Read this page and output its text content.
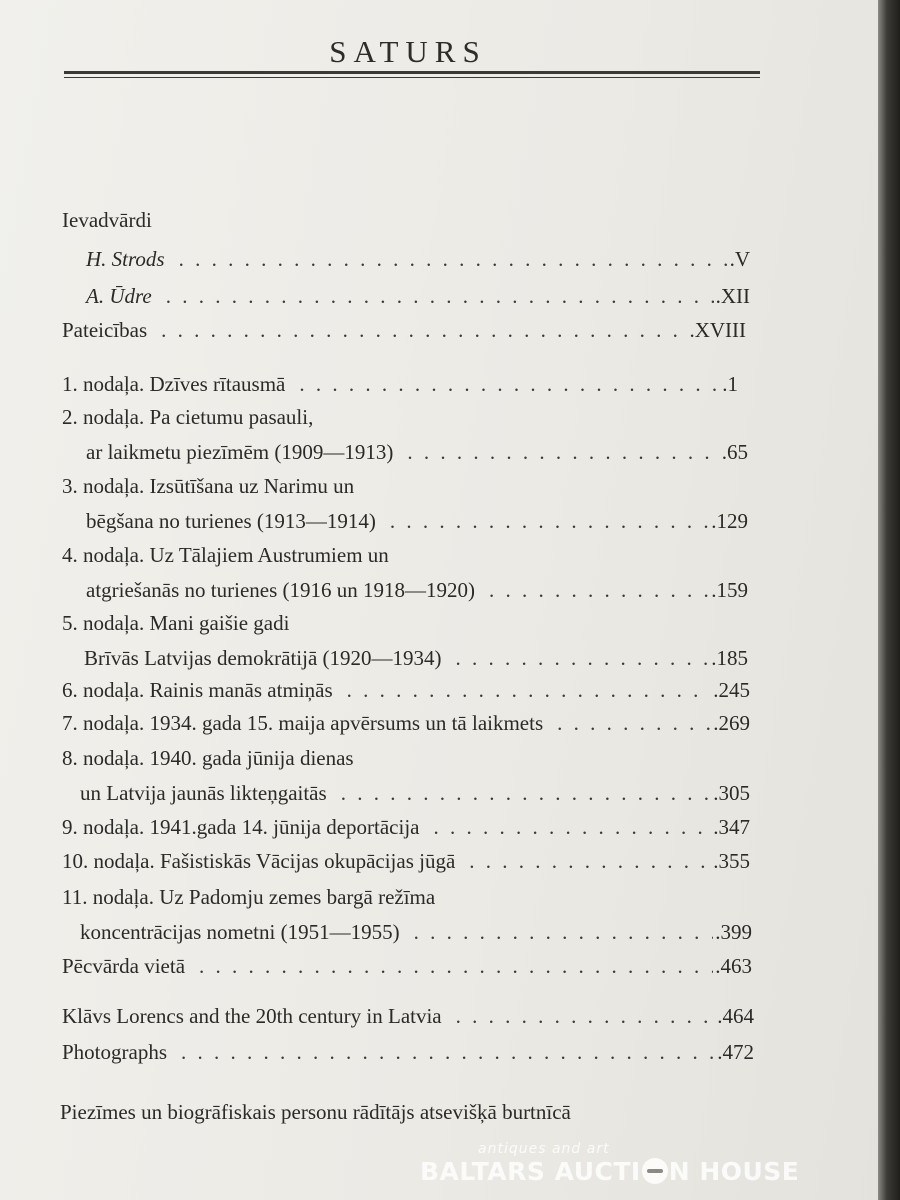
SATURS
Ievadvārdi
H. Strods . . .	.V
A. Ūdre . . .	.XII
Pateicības . . .	.XVIII
1. nodaļa. Dzīves rītausmā . . .	.1
2. nodaļa. Pa cietumu pasauli,
ar laikmetu piezīmēm (1909—1913) . . .	.65
3. nodaļa. Izsūtīšana uz Narimu un
bēgšana no turienes (1913—1914) . . .	.129
4. nodaļa. Uz Tālajiem Austrumiem un
atgriešanās no turienes (1916 un 1918—1920) . . .	.159
5. nodaļa. Mani gaišie gadi
Brīvās Latvijas demokrātijā (1920—1934) . . .	.185
6. nodaļa. Rainis manās atmiņās . . .	.245
7. nodaļa. 1934. gada 15. maija apvērsums un tā laikmets . . .	.269
8. nodaļa. 1940. gada jūnija dienas
un Latvija jaunās likteņgaitās . . .	.305
9. nodaļa. 1941.gada 14. jūnija deportācija . . .	.347
10. nodaļa. Fašistiskās Vācijas okupācijas jūgā . . .	.355
11. nodaļa. Uz Padomju zemes bargā režīma
koncentrācijas nometni (1951—1955) . . .	.399
Pēcvārda vietā . . .	.463
Klāvs Lorencs and the 20th century in Latvia . . .	.464
Photographs . . .	.472
Piezīmes un biogrāfiskais personu rādītājs atsevišķā burtnīcā
antiques and art
BALTARS AUCTI N HOUSE
